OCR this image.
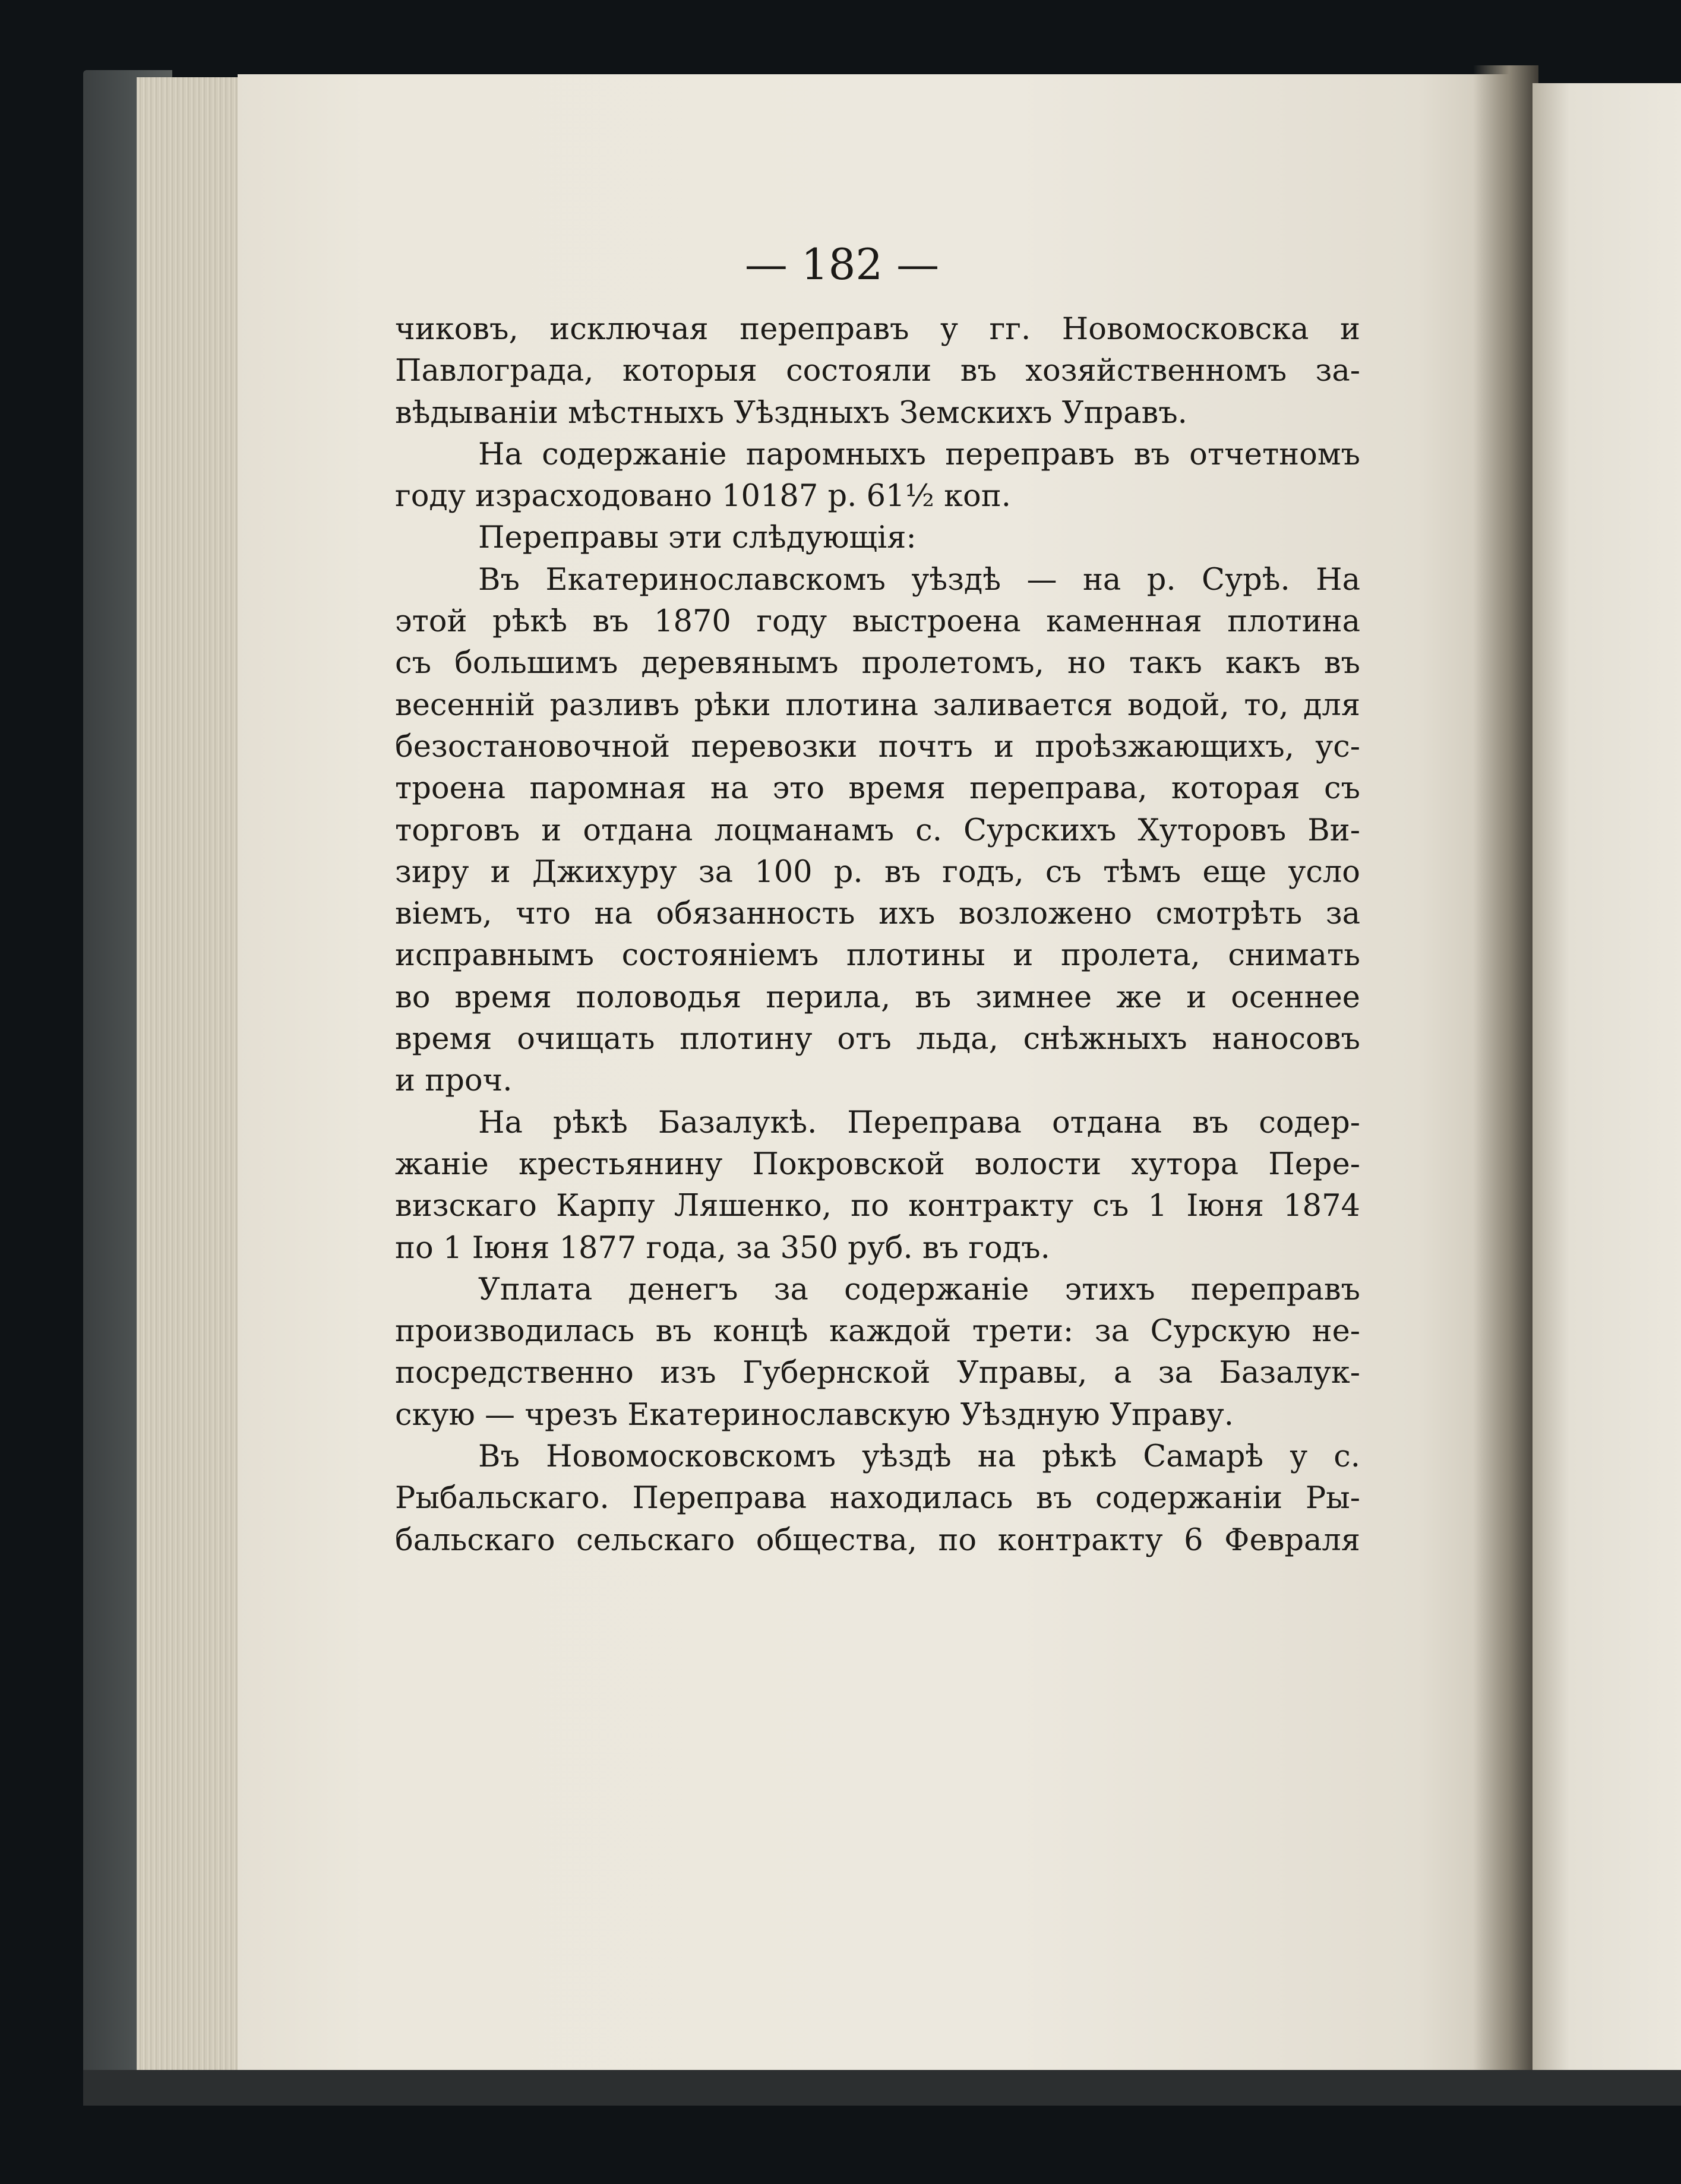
— 182 —
чиковъ, исключая переправъ у гг. Новомосковска и
Павлограда, которыя состояли въ хозяйственномъ за-
вѣдываніи мѣстныхъ Уѣздныхъ Земскихъ Управъ.
На содержаніе паромныхъ переправъ въ отчетномъ
году израсходовано 10187 р. 61½ коп.
Переправы эти слѣдующія:
Въ Екатеринославскомъ уѣздѣ — на р. Сурѣ. На
этой рѣкѣ въ 1870 году выстроена каменная плотина
съ большимъ деревянымъ пролетомъ, но такъ какъ въ
весенній разливъ рѣки плотина заливается водой, то, для
безостановочной перевозки почтъ и проѣзжающихъ, ус-
троена паромная на это время переправа, которая съ
торговъ и отдана лоцманамъ с. Сурскихъ Хуторовъ Ви-
зиру и Джихуру за 100 р. въ годъ, съ тѣмъ еще усло
віемъ, что на обязанность ихъ возложено смотрѣть за
исправнымъ состояніемъ плотины и пролета, снимать
во время половодья перила, въ зимнее же и осеннее
время очищать плотину отъ льда, снѣжныхъ наносовъ
и проч.
На рѣкѣ Базалукѣ. Переправа отдана въ содер-
жаніе крестьянину Покровской волости хутора Пере-
визскаго Карпу Ляшенко, по контракту съ 1 Іюня 1874
по 1 Іюня 1877 года, за 350 руб. въ годъ.
Уплата денегъ за содержаніе этихъ переправъ
производилась въ концѣ каждой трети: за Сурскую не-
посредственно изъ Губернской Управы, а за Базалук-
скую — чрезъ Екатеринославскую Уѣздную Управу.
Въ Новомосковскомъ уѣздѣ на рѣкѣ Самарѣ у с.
Рыбальскаго. Переправа находилась въ содержаніи Ры-
бальскаго сельскаго общества, по контракту 6 Февраля
